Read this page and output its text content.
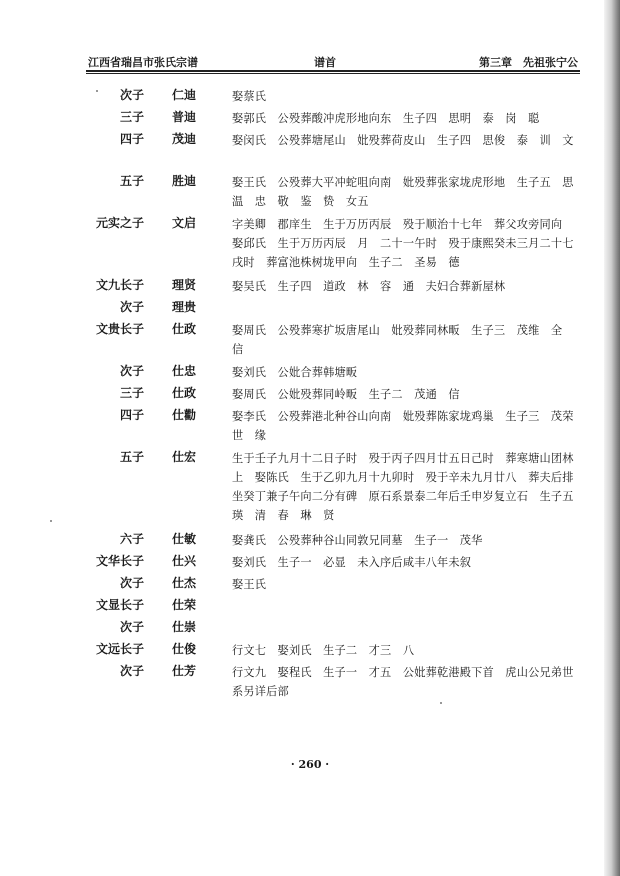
江西省瑞昌市张氏宗谱	谱首	第三章　先祖张宁公
次子 仁迪	娶蔡氏
三子 普迪	娶郭氏　公殁葬酸冲虎形地向东　生子四　思明　泰　岗　聪
四子 茂迪	娶闵氏　公殁葬塘尾山　妣殁葬荷皮山　生子四　思俊　泰　训　文
五子 胜迪	娶王氏　公殁葬大平冲蛇咀向南　妣殁葬张家垅虎形地　生子五　思温　忠　敬　鉴　贽　女五
元实之子 文启	字美卿　郡庠生　生于万历丙辰　殁于顺治十七年　葬父攻旁同向　娶邱氏　生于万历丙辰　月　二十一午时　殁于康熙癸未三月二十七戌时　葬富池株树垅甲向　生子二　圣易　德
文九长子 理贤	娶吴氏　生子四　道政　林　容　通　夫妇合葬新屋林
次子 理贵
文贵长子 仕政	娶周氏　公殁葬寒扩坂唐尾山　妣殁葬同林畈　生子三　茂维　全　信
次子 仕忠	娶刘氏　公妣合葬韩塘畈
三子 仕政	娶周氏　公妣殁葬同岭畈　生子二　茂通　信
四子 仕勸	娶李氏　公殁葬港北种谷山向南　妣殁葬陈家垅鸡巢　生子三　茂荣　世　缘
五子 仕宏	生于壬子九月十二日子时　殁于丙子四月廿五日己时　葬寒塘山团林上　娶陈氏　生于乙卯九月十九卯时　殁于辛未九月廿八　葬夫后排　坐癸丁兼子午向二分有碑　原石系景泰二年后壬申岁复立石　生子五　瑛　清　春　琳　贤
六子 仕敏	娶龚氏　公殁葬种谷山同敦兄同墓　生子一　茂华
文华长子 仕兴	娶刘氏　生子一　必显　未入序后咸丰八年未叙
次子 仕杰	娶王氏
文显长子 仕荣
次子 仕崇
文远长子 仕俊	行文七　娶刘氏　生子二　才三　八
次子 仕芳	行文九　娶程氏　生子一　才五　公妣葬乾港殿下首　虎山公兄弟世系另详后部
· 260 ·
